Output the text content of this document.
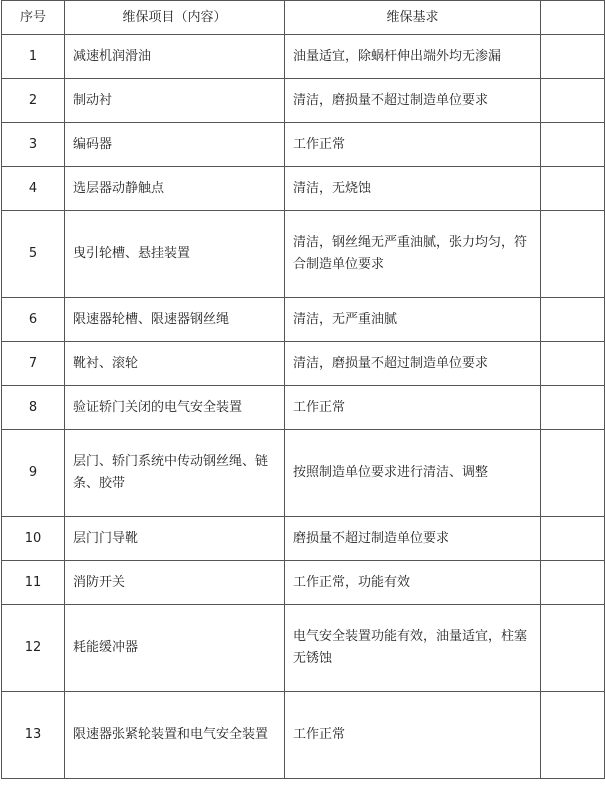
序号	维保项目（内容）	维保基求	
1	减速机润滑油	油量适宜，除蜗杆伸出端外均无渗漏	
2	制动衬	清洁，磨损量不超过制造单位要求	
3	编码器	工作正常	
4	选层器动静触点	清洁，无烧蚀	
5	曳引轮槽、悬挂装置	清洁，钢丝绳无严重油腻，张力均匀，符合制造单位要求	
6	限速器轮槽、限速器钢丝绳	清洁，无严重油腻	
7	靴衬、滚轮	清洁，磨损量不超过制造单位要求	
8	验证轿门关闭的电气安全装置	工作正常	
9	层门、轿门系统中传动钢丝绳、链条、胶带	按照制造单位要求进行清洁、调整	
10	层门门导靴	磨损量不超过制造单位要求	
11	消防开关	工作正常，功能有效	
12	耗能缓冲器	电气安全装置功能有效，油量适宜，柱塞无锈蚀	
13	限速器张紧轮装置和电气安全装置	工作正常	
